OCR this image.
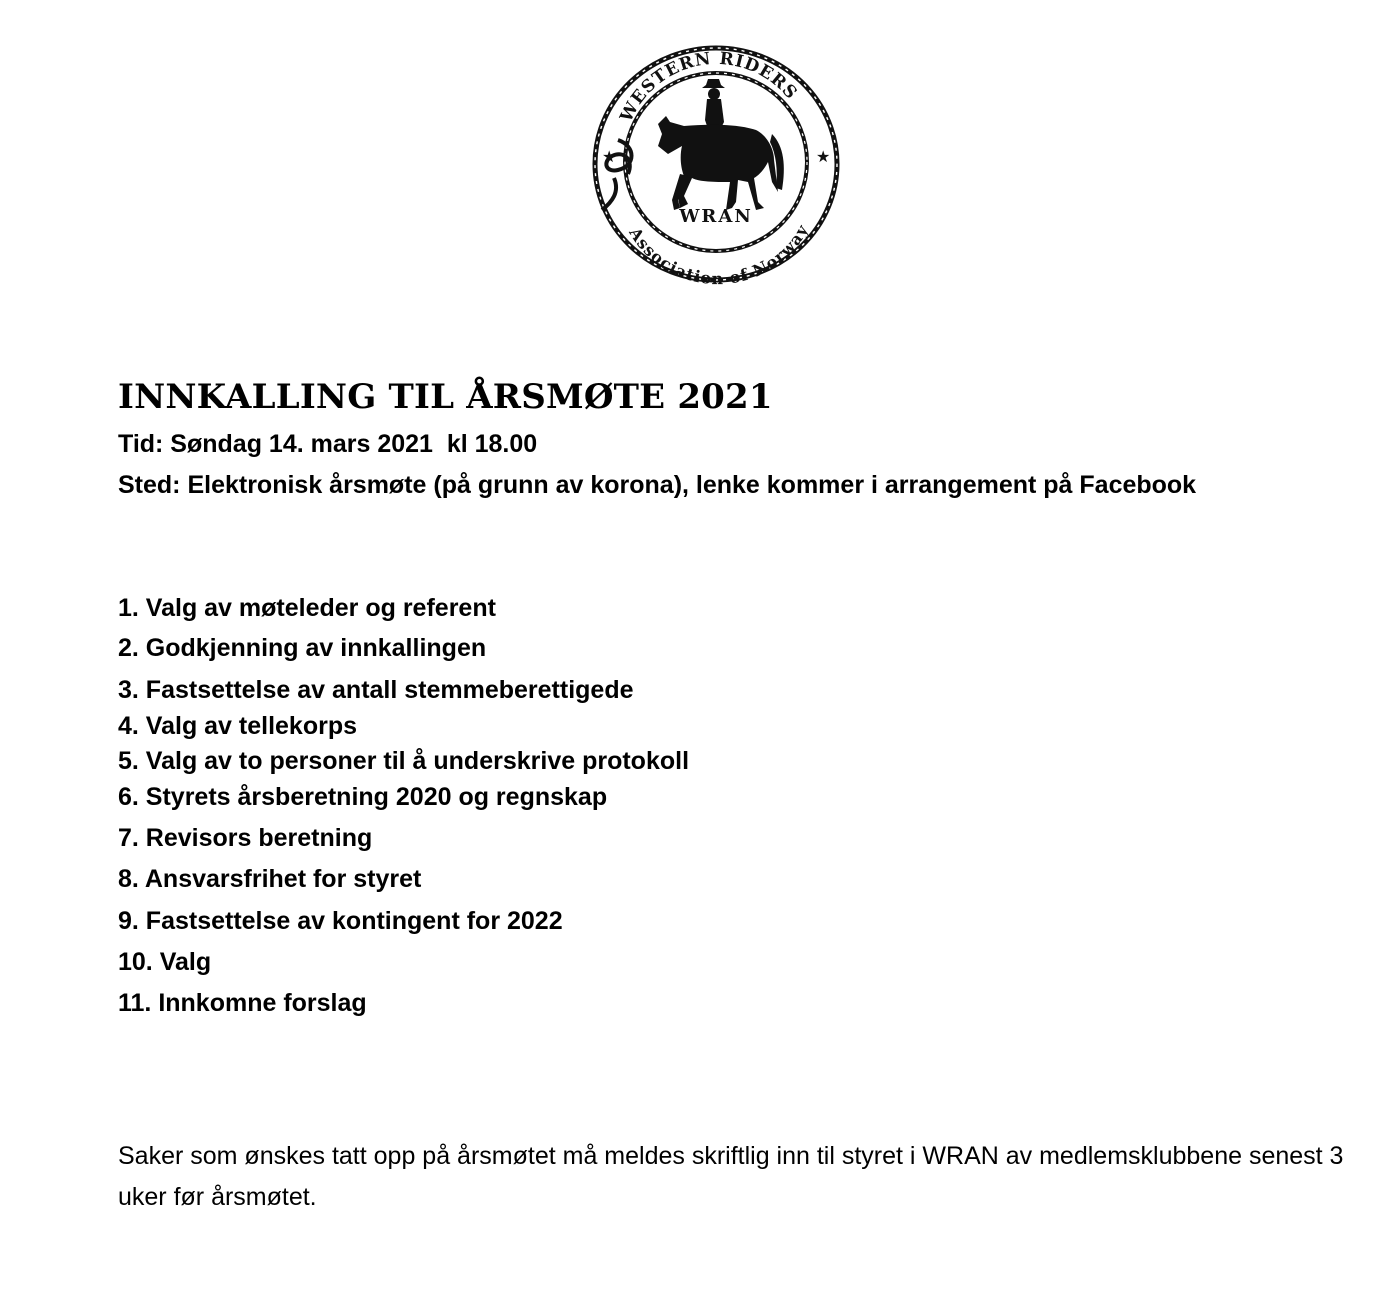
★	★
WESTERN RIDERS
WRAN
Association of Norway
INNKALLING TIL ÅRSMØTE 2021

Tid: Søndag 14. mars 2021  kl 18.00

Sted: Elektronisk årsmøte (på grunn av korona), lenke kommer i arrangement på Facebook

1. Valg av møteleder og referent
2. Godkjenning av innkallingen
3. Fastsettelse av antall stemmeberettigede
4. Valg av tellekorps
5. Valg av to personer til å underskrive protokoll
6. Styrets årsberetning 2020 og regnskap
7. Revisors beretning
8. Ansvarsfrihet for styret
9. Fastsettelse av kontingent for 2022
10. Valg
11. Innkomne forslag

Saker som ønskes tatt opp på årsmøtet må meldes skriftlig inn til styret i WRAN av medlemsklubbene senest 3 uker før årsmøtet.
